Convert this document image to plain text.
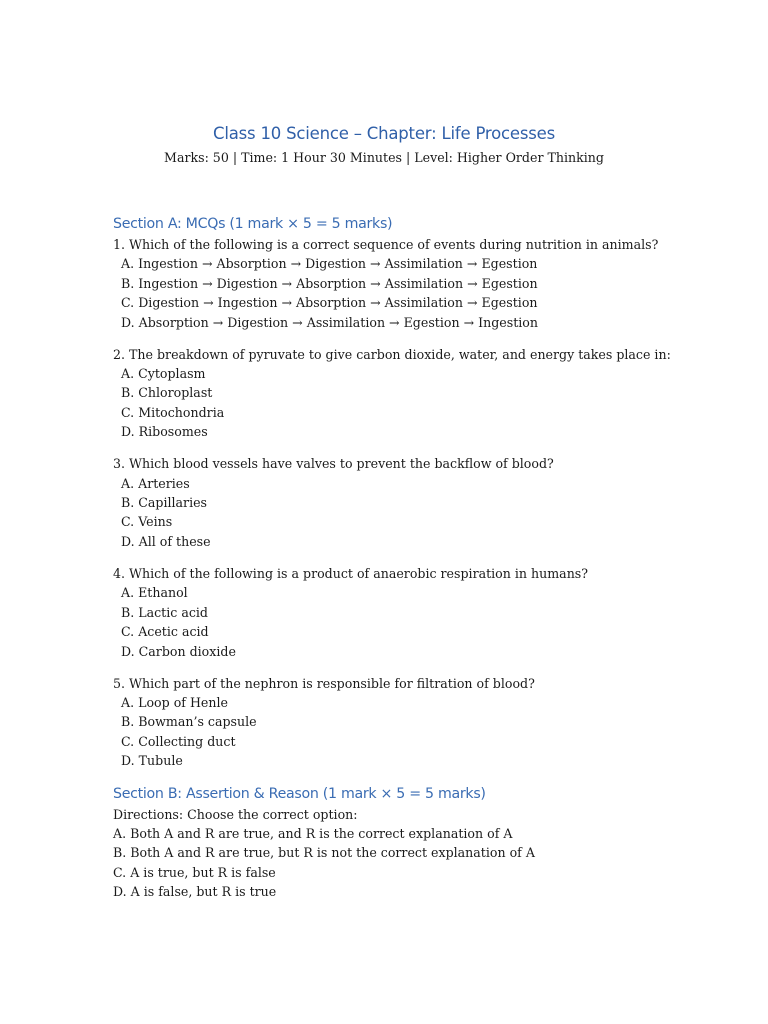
Class 10 Science – Chapter: Life Processes
Marks: 50 | Time: 1 Hour 30 Minutes | Level: Higher Order Thinking
Section A: MCQs (1 mark × 5 = 5 marks)
1. Which of the following is a correct sequence of events during nutrition in animals?
A. Ingestion → Absorption → Digestion → Assimilation → Egestion
B. Ingestion → Digestion → Absorption → Assimilation → Egestion
C. Digestion → Ingestion → Absorption → Assimilation → Egestion
D. Absorption → Digestion → Assimilation → Egestion → Ingestion
2. The breakdown of pyruvate to give carbon dioxide, water, and energy takes place in:
A. Cytoplasm
B. Chloroplast
C. Mitochondria
D. Ribosomes
3. Which blood vessels have valves to prevent the backflow of blood?
A. Arteries
B. Capillaries
C. Veins
D. All of these
4. Which of the following is a product of anaerobic respiration in humans?
A. Ethanol
B. Lactic acid
C. Acetic acid
D. Carbon dioxide
5. Which part of the nephron is responsible for filtration of blood?
A. Loop of Henle
B. Bowman’s capsule
C. Collecting duct
D. Tubule
Section B: Assertion & Reason (1 mark × 5 = 5 marks)
Directions: Choose the correct option:
A. Both A and R are true, and R is the correct explanation of A
B. Both A and R are true, but R is not the correct explanation of A
C. A is true, but R is false
D. A is false, but R is true
